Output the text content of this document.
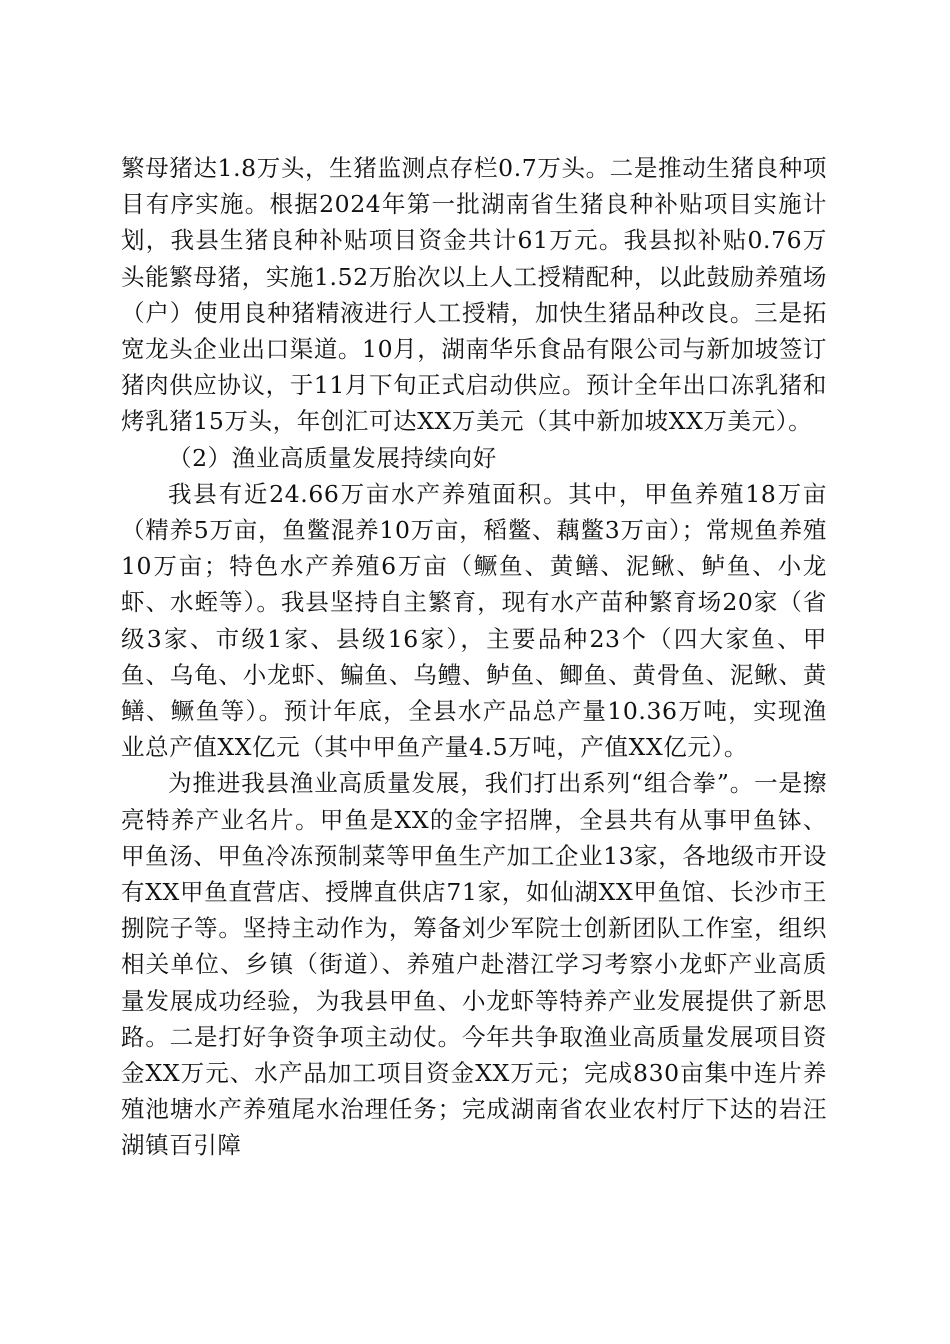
繁母猪达1.8万头，生猪监测点存栏0.7万头。二是推动生猪良种项目有序实施。根据2024年第一批湖南省生猪良种补贴项目实施计划，我县生猪良种补贴项目资金共计61万元。我县拟补贴0.76万头能繁母猪，实施1.52万胎次以上人工授精配种，以此鼓励养殖场（户）使用良种猪精液进行人工授精，加快生猪品种改良。三是拓宽龙头企业出口渠道。10月，湖南华乐食品有限公司与新加坡签订猪肉供应协议，于11月下旬正式启动供应。预计全年出口冻乳猪和烤乳猪15万头，年创汇可达XX万美元（其中新加坡XX万美元）。

（2）渔业高质量发展持续向好

我县有近24.66万亩水产养殖面积。其中，甲鱼养殖18万亩（精养5万亩，鱼鳖混养10万亩，稻鳖、藕鳖3万亩）；常规鱼养殖10万亩；特色水产养殖6万亩（鳜鱼、黄鳝、泥鳅、鲈鱼、小龙虾、水蛭等）。我县坚持自主繁育，现有水产苗种繁育场20家（省级3家、市级1家、县级16家），主要品种23个（四大家鱼、甲鱼、乌龟、小龙虾、鳊鱼、乌鳢、鲈鱼、鲫鱼、黄骨鱼、泥鳅、黄鳝、鳜鱼等）。预计年底，全县水产品总产量10.36万吨，实现渔业总产值XX亿元（其中甲鱼产量4.5万吨，产值XX亿元）。

为推进我县渔业高质量发展，我们打出系列“组合拳”。一是擦亮特养产业名片。甲鱼是XX的金字招牌，全县共有从事甲鱼钵、甲鱼汤、甲鱼冷冻预制菜等甲鱼生产加工企业13家，各地级市开设有XX甲鱼直营店、授牌直供店71家，如仙湖XX甲鱼馆、长沙市王捌院子等。坚持主动作为，筹备刘少军院士创新团队工作室，组织相关单位、乡镇（街道）、养殖户赴潜江学习考察小龙虾产业高质量发展成功经验，为我县甲鱼、小龙虾等特养产业发展提供了新思路。二是打好争资争项主动仗。今年共争取渔业高质量发展项目资金XX万元、水产品加工项目资金XX万元；完成830亩集中连片养殖池塘水产养殖尾水治理任务；完成湖南省农业农村厅下达的岩汪湖镇百引障
